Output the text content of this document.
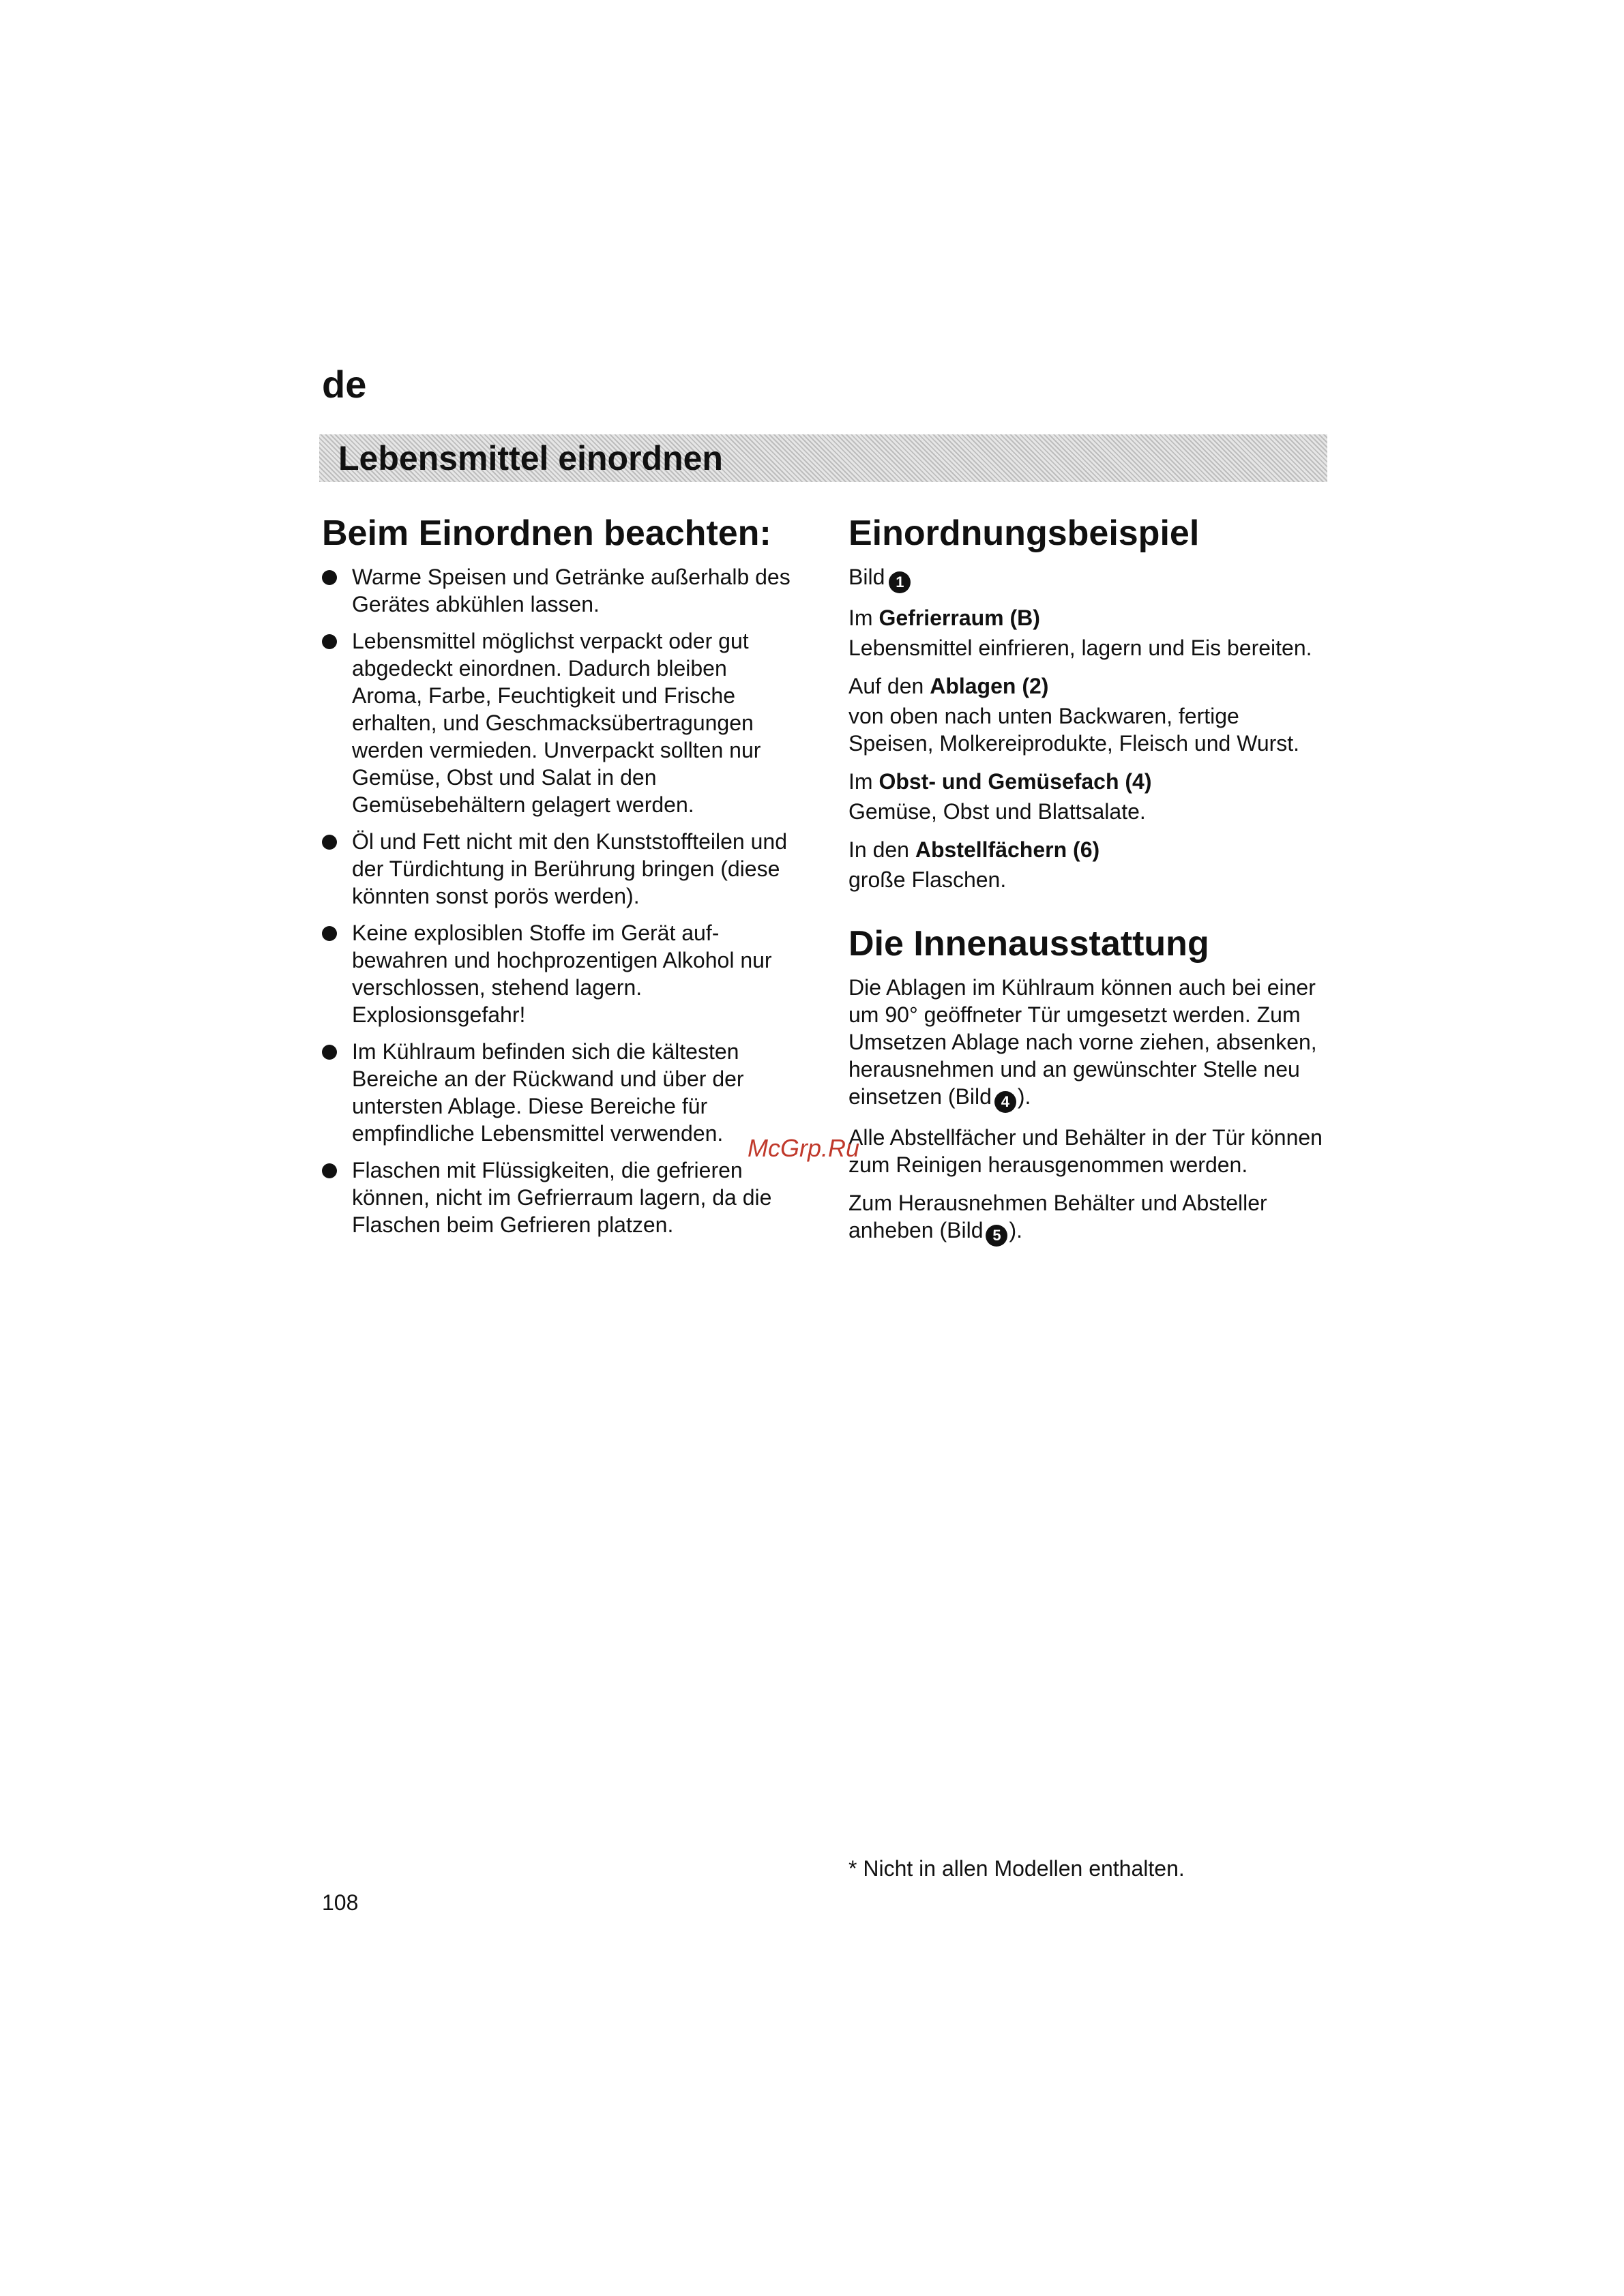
de
Lebensmittel einordnen
Beim Einordnen beachten:
Warme Speisen und Getränke außerhalb des Gerätes abkühlen lassen.
Lebensmittel möglichst verpackt oder gut abgedeckt einordnen. Dadurch bleiben Aroma, Farbe, Feuchtigkeit und Frische erhalten, und Geschmacksübertragungen werden vermieden. Unverpackt sollten nur Gemüse, Obst und Salat in den Gemüsebehältern gelagert werden.
Öl und Fett nicht mit den Kunststoffteilen und der Türdichtung in Berührung bringen (diese könnten sonst porös werden).
Keine explosiblen Stoffe im Gerät aufbewahren und hochprozentigen Alkohol nur verschlossen, stehend lagern. Explosionsgefahr!
Im Kühlraum befinden sich die kältesten Bereiche an der Rückwand und über der untersten Ablage. Diese Bereiche für empfindliche Lebensmittel verwenden.
Flaschen mit Flüssigkeiten, die gefrieren können, nicht im Gefrierraum lagern, da die Flaschen beim Gefrieren platzen.
Einordnungsbeispiel

Bild 1

Im Gefrierraum (B)

Lebensmittel einfrieren, lagern und Eis bereiten.

Auf den Ablagen (2)

von oben nach unten Backwaren, fertige Speisen, Molkereiprodukte, Fleisch und Wurst.

Im Obst- und Gemüsefach (4)

Gemüse, Obst und Blattsalate.

In den Abstellfächern (6)

große Flaschen.

Die Innenausstattung

Die Ablagen im Kühlraum können auch bei einer um 90° geöffneter Tür umgesetzt werden. Zum Umsetzen Ablage nach vorne ziehen, absenken, herausnehmen und an gewünschter Stelle neu einsetzen (Bild 4 ).

Alle Abstellfächer und Behälter in der Tür können zum Reinigen herausgenommen werden.

Zum Herausnehmen Behälter und Absteller anheben (Bild 5 ).

McGrp.Ru
* Nicht in allen Modellen enthalten.
108
